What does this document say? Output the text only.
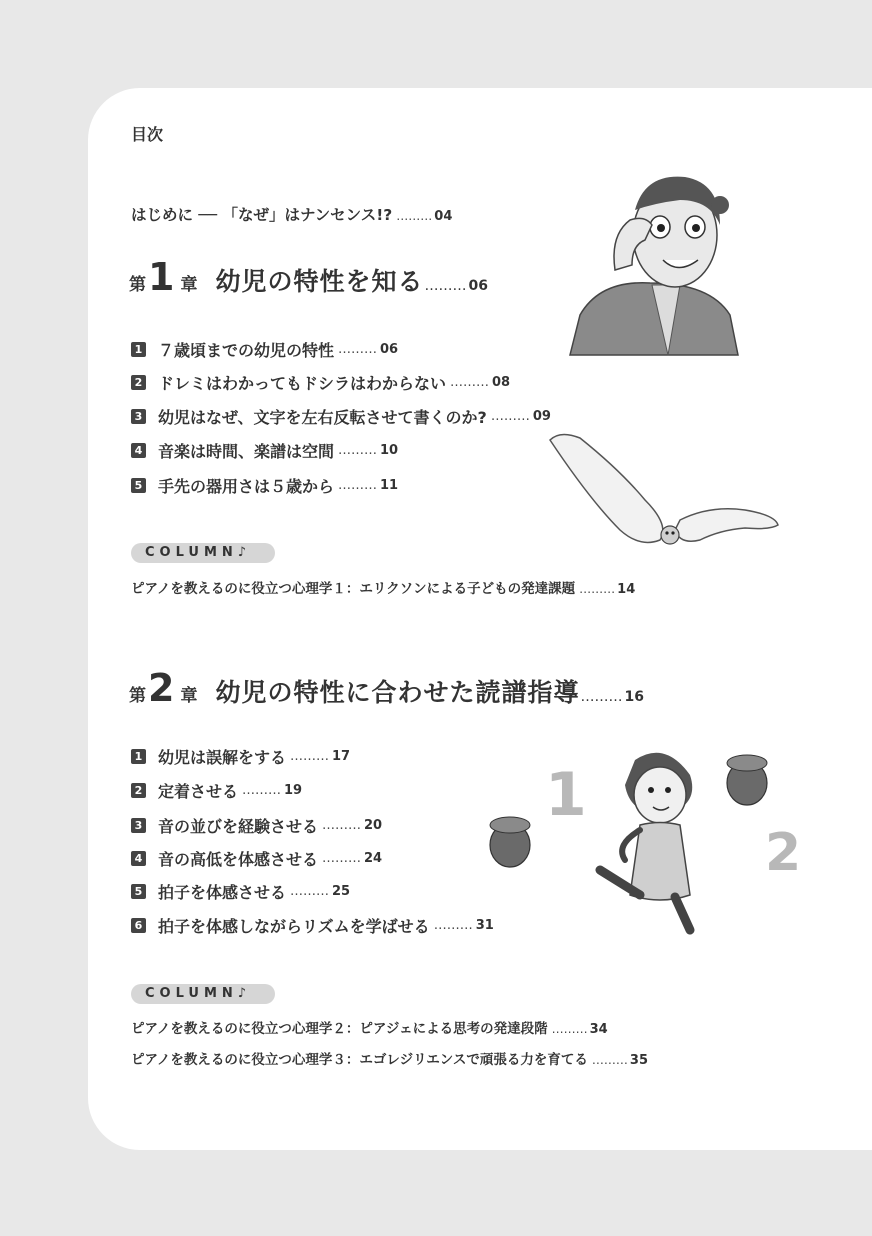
目次
はじめに ── 「なぜ」はナンセンス!? ……… 04
第 1 章 幼児の特性を知る ……… 06
1 ７歳頃までの幼児の特性 ……… 06
2 ドレミはわかってもドシラはわからない ……… 08
3 幼児はなぜ、文字を左右反転させて書くのか? ……… 09
4 音楽は時間、楽譜は空間 ……… 10
5 手先の器用さは５歳から ……… 11
COLUMN♪
ピアノを教えるのに役立つ心理学１：エリクソンによる子どもの発達課題 ……… 14
第 2 章 幼児の特性に合わせた読譜指導 ……… 16
1 幼児は誤解をする ……… 17
2 定着させる ……… 19
3 音の並びを経験させる ……… 20
4 音の高低を体感させる ……… 24
5 拍子を体感させる ……… 25
6 拍子を体感しながらリズムを学ばせる ……… 31
COLUMN♪
ピアノを教えるのに役立つ心理学２：ピアジェによる思考の発達段階 ……… 34
ピアノを教えるのに役立つ心理学３：エゴレジリエンスで頑張る力を育てる ……… 35
1
2
